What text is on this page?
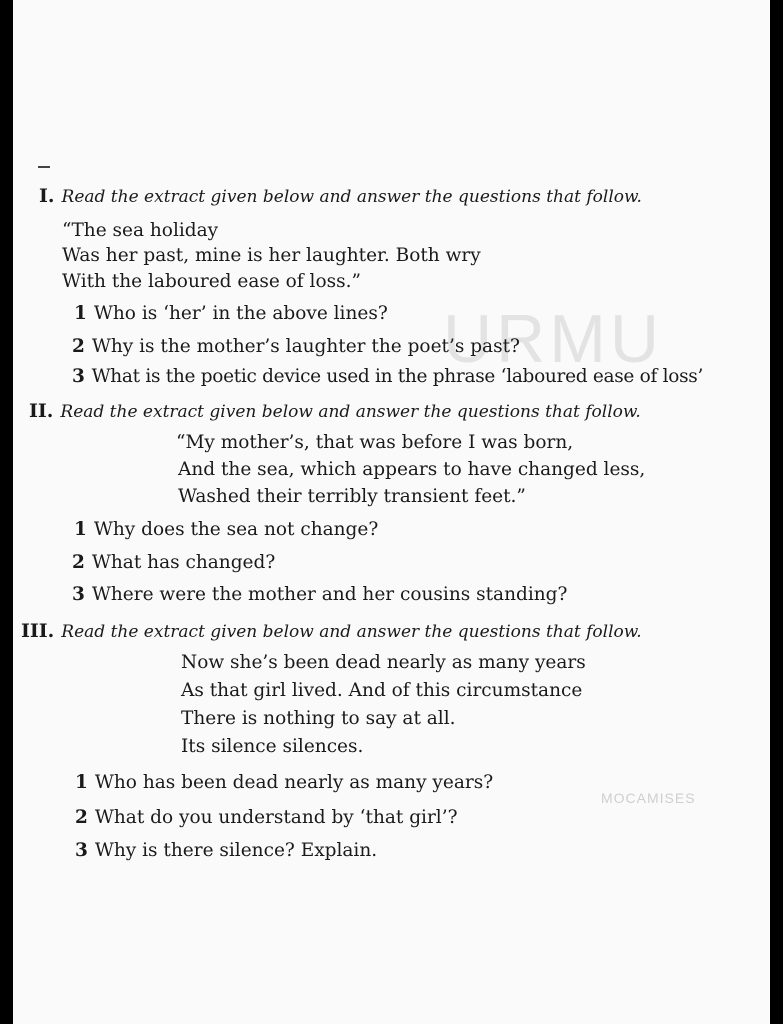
URMU
MOCAMISES
I. Read the extract given below and answer the questions that follow.
“The sea holiday
Was her past, mine is her laughter. Both wry
With the laboured ease of loss.”
1 Who is ‘her’ in the above lines?
2 Why is the mother’s laughter the poet’s past?
3 What is the poetic device used in the phrase ‘laboured ease of loss’
II. Read the extract given below and answer the questions that follow.
“My mother’s, that was before I was born,
And the sea, which appears to have changed less,
Washed their terribly transient feet.”
1 Why does the sea not change?
2 What has changed?
3 Where were the mother and her cousins standing?
III. Read the extract given below and answer the questions that follow.
Now she’s been dead nearly as many years
As that girl lived. And of this circumstance
There is nothing to say at all.
Its silence silences.
1 Who has been dead nearly as many years?
2 What do you understand by ‘that girl’?
3 Why is there silence? Explain.
